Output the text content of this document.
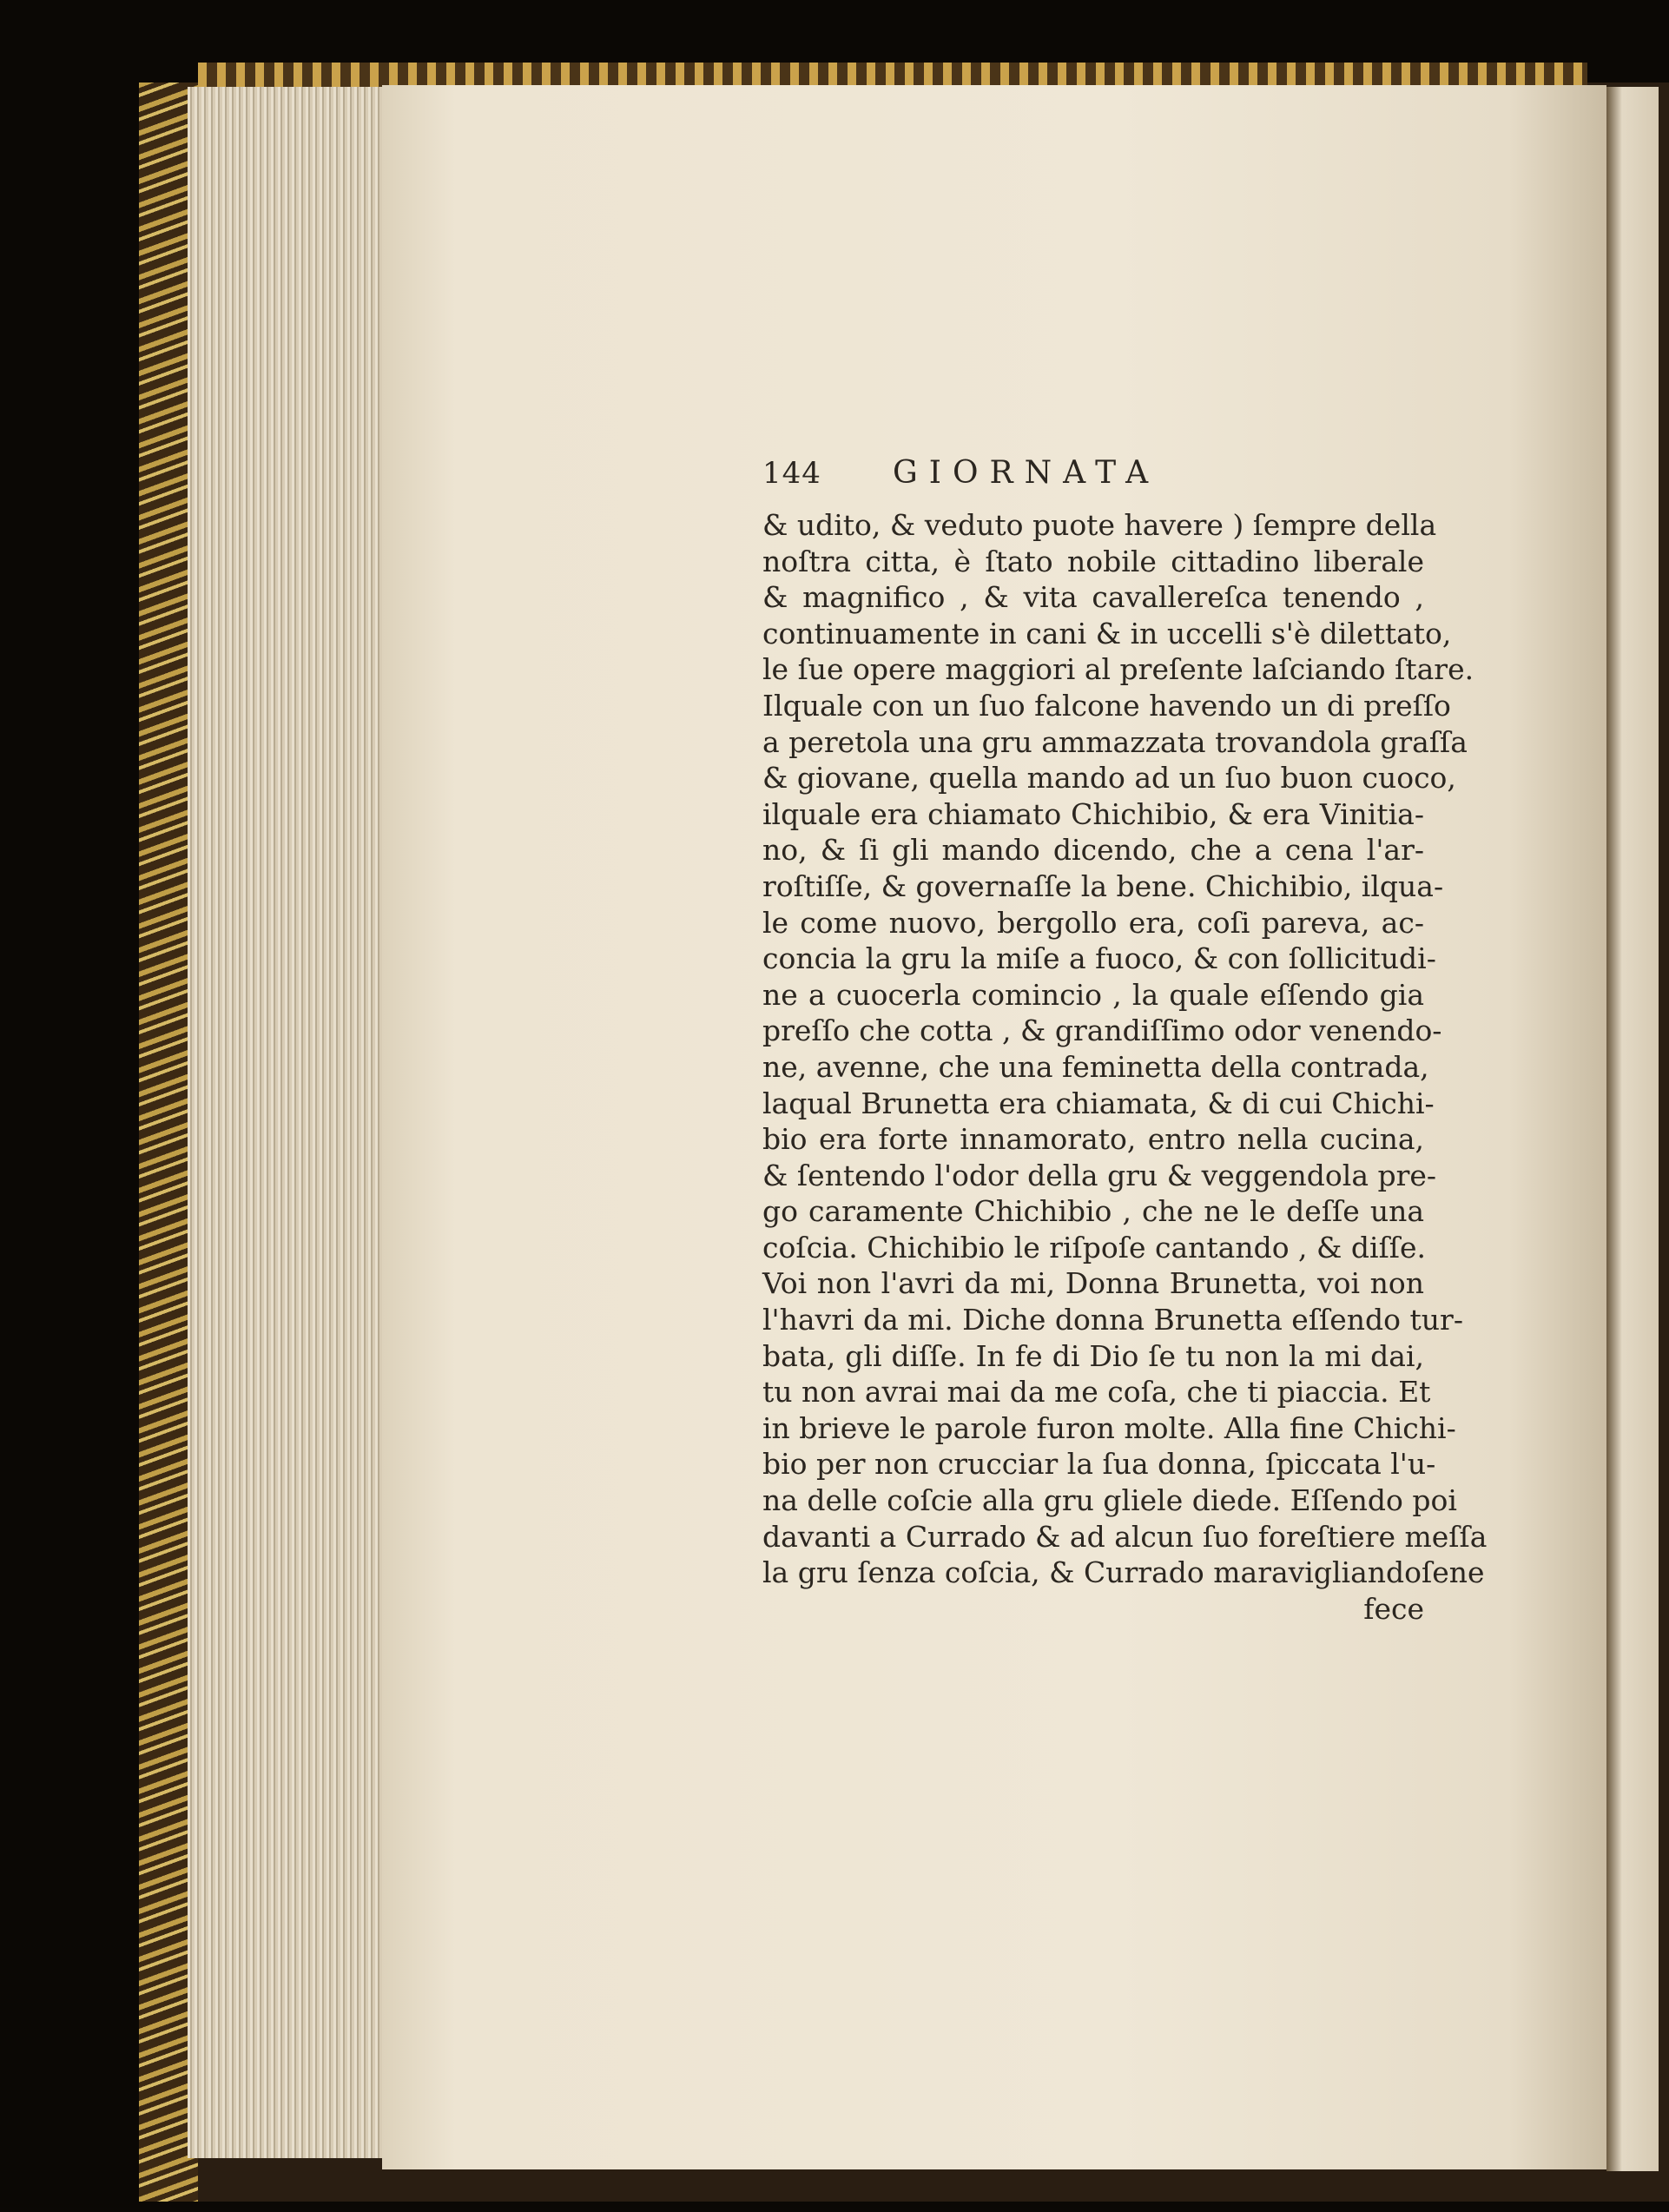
144	GIORNATA
& udito, & veduto puote havere ) ſempre della
noſtra citta, è ſtato nobile cittadino liberale
& magnifico , & vita cavallereſca tenendo ,
continuamente in cani & in uccelli s'è dilettato,
le ſue opere maggiori al preſente laſciando ſtare.
Ilquale con un ſuo falcone havendo un di preſſo
a peretola una gru ammazzata trovandola graſſa
& giovane, quella mando ad un ſuo buon cuoco,
ilquale era chiamato Chichibio, & era Vinitia-
no, & ſi gli mando dicendo, che a cena l'ar-
roſtiſſe, & governaſſe la bene. Chichibio, ilqua-
le come nuovo, bergollo era, coſi pareva, ac-
concia la gru la miſe a fuoco, & con ſollicitudi-
ne a cuocerla comincio , la quale eſſendo gia
preſſo che cotta , & grandiſſimo odor venendo-
ne, avenne, che una feminetta della contrada,
laqual Brunetta era chiamata, & di cui Chichi-
bio era forte innamorato, entro nella cucina,
& ſentendo l'odor della gru & veggendola pre-
go caramente Chichibio , che ne le deſſe una
coſcia. Chichibio le riſpoſe cantando , & diſſe.
Voi non l'avri da mi, Donna Brunetta, voi non
l'havri da mi. Diche donna Brunetta eſſendo tur-
bata, gli diſſe. In fe di Dio ſe tu non la mi dai,
tu non avrai mai da me coſa, che ti piaccia. Et
in brieve le parole furon molte. Alla fine Chichi-
bio per non crucciar la ſua donna, ſpiccata l'u-
na delle coſcie alla gru gliele diede. Eſſendo poi
davanti a Currado & ad alcun ſuo foreſtiere meſſa
la gru ſenza coſcia, & Currado maravigliandoſene
fece
